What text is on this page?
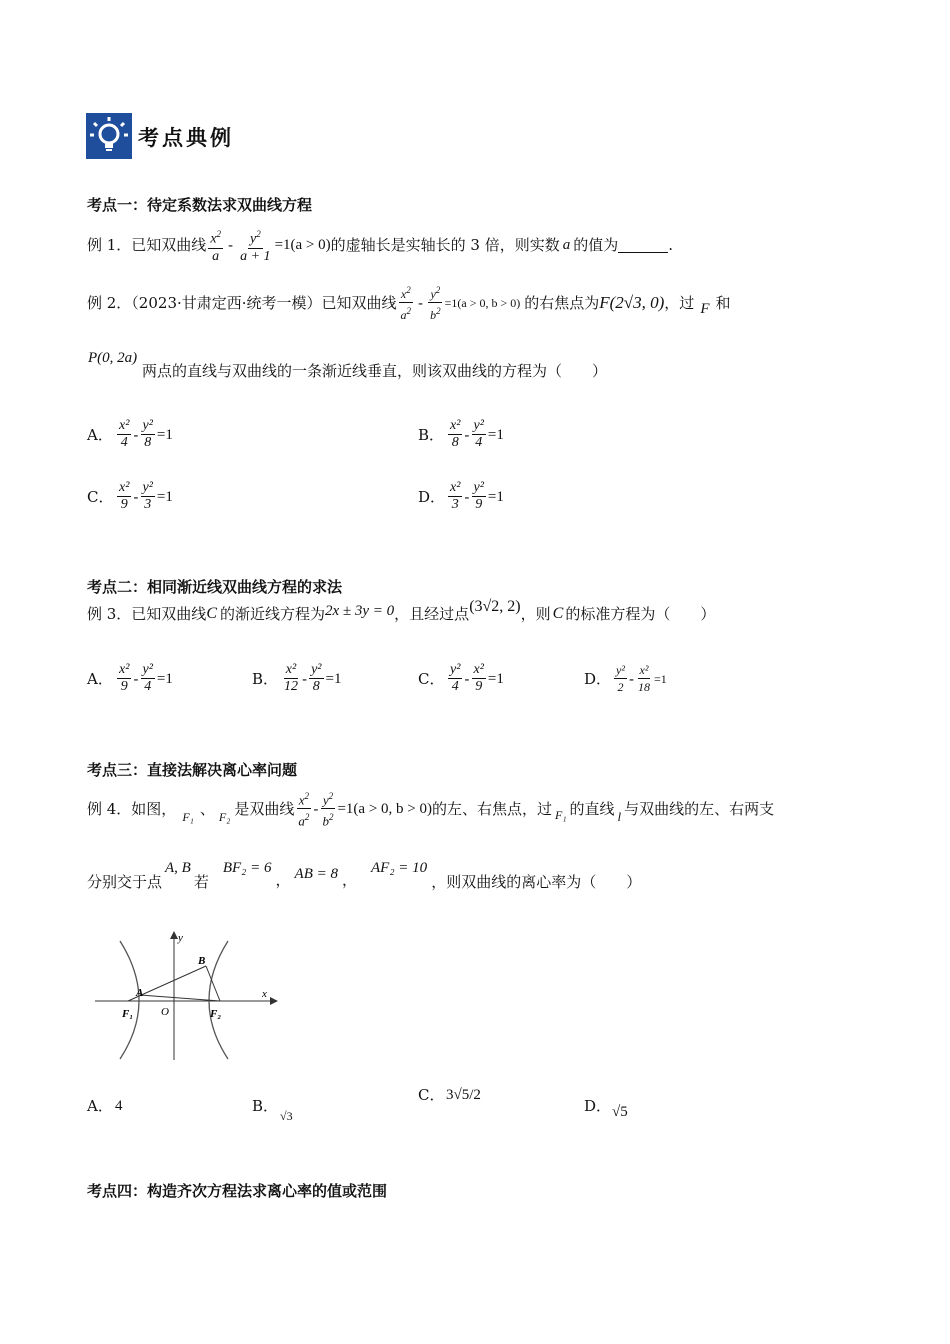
考点典例
考点一：待定系数法求双曲线方程
例 1．已知双曲线 $\frac{x^2}{a} - \frac{y^2}{a + 1} =1(a > 0)$ 的虚轴长是实轴长的 3 倍，则实数 a 的值为	.
例 2．（2023·甘肃定西·统考一模）已知双曲线 $\frac{x^2}{a^2} - \frac{y^2}{b^2} =1(a > 0$, b > 0) 的右焦点为 F(2√3, 0) ，过 F 和
P(0, 2a) 两点的直线与双曲线的一条渐近线垂直，则该双曲线的方程为（　　）
A． $\frac{\text{x²}}{4} - \frac{\text{y²}}{8} =1$	B． $\frac{\text{x²}}{8} - \frac{\text{y²}}{4} =1$
C． $\frac{\text{x²}}{9} - \frac{\text{y²}}{3} =1$	D． $\frac{\text{x²}}{3} - \frac{\text{y²}}{9} =1$
考点二：相同渐近线双曲线方程的求法
例 3．已知双曲线 C 的渐近线方程为 2x ± 3y = 0 ，且经过点 (3√2, 2) ，则 C 的标准方程为（　　）
A． $\frac{\text{x²}}{9} - \frac{\text{y²}}{4} =1$	B． $\frac{\text{x²}}{12} - \frac{\text{y²}}{8} =1$	C． $\frac{\text{y²}}{4} - \frac{\text{x²}}{9} =1$	D． $\frac{\text{y²}}{2} - \frac{\text{x²}}{18} =1$
考点三：直接法解决离心率问题
例 4．如图， F₁ 、 F₂ 是双曲线 $\frac{x^2}{a^2} - \frac{y^2}{b^2} =1(a > 0$, b > 0) 的左、右焦点，过 F₁ 的直线 l 与双曲线的左、右两支
分别交于点
A, B
若
BF₂ = 6
， AB = 8 ，
AF₂ = 10
，则双曲线的离心率为（　　）
y
x
A
B
O
F₁	F₂
A． 4	B．
√3
C． 3√5/2
D． √5
考点四：构造齐次方程法求离心率的值或范围
